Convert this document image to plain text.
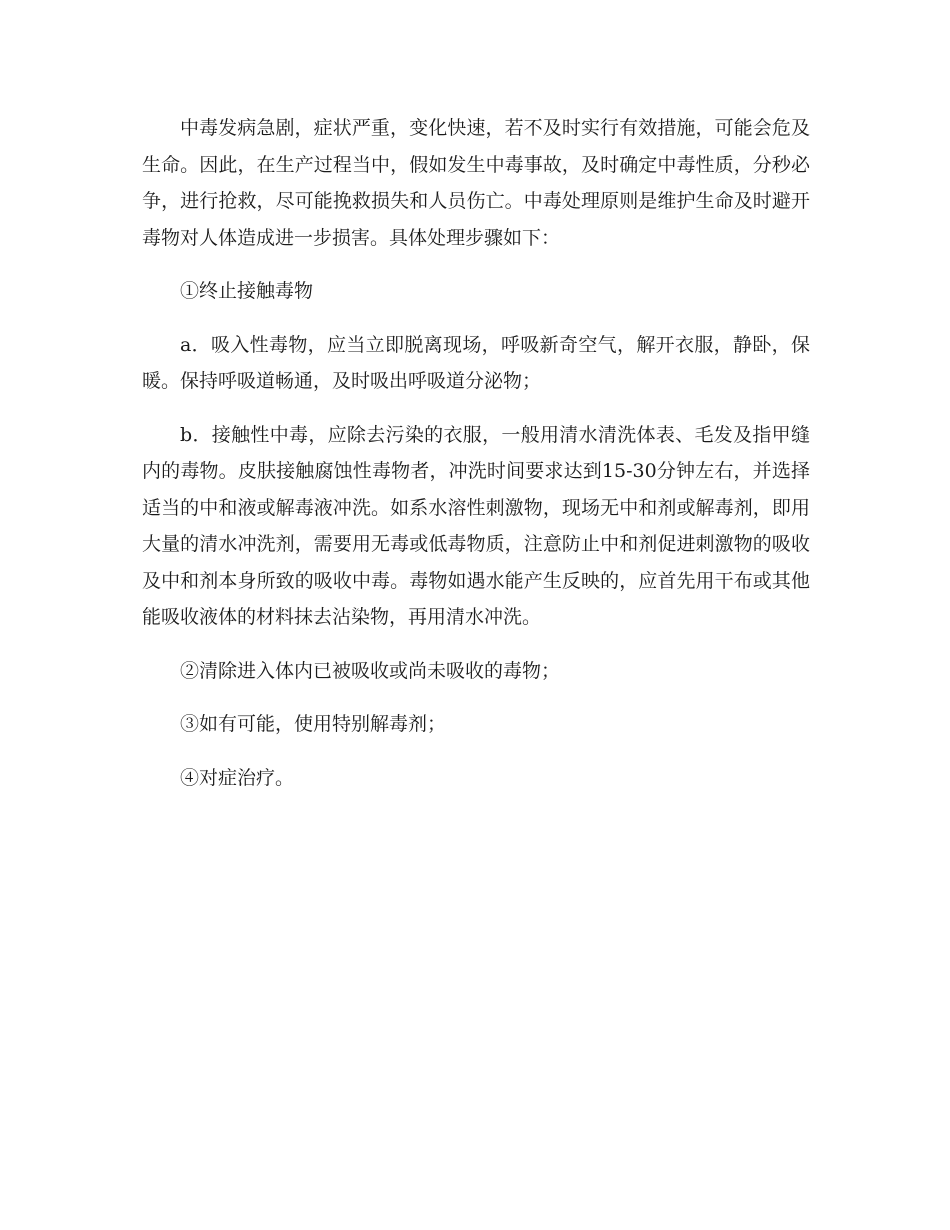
中毒发病急剧，症状严重，变化快速，若不及时实行有效措施，可能会危及生命。因此，在生产过程当中，假如发生中毒事故，及时确定中毒性质，分秒必争，进行抢救，尽可能挽救损失和人员伤亡。中毒处理原则是维护生命及时避开毒物对人体造成进一步损害。具体处理步骤如下：

①终止接触毒物

a．吸入性毒物，应当立即脱离现场，呼吸新奇空气，解开衣服，静卧，保暖。保持呼吸道畅通，及时吸出呼吸道分泌物；

b．接触性中毒，应除去污染的衣服，一般用清水清洗体表、毛发及指甲缝内的毒物。皮肤接触腐蚀性毒物者，冲洗时间要求达到15-30分钟左右，并选择适当的中和液或解毒液冲洗。如系水溶性刺激物，现场无中和剂或解毒剂，即用大量的清水冲洗剂，需要用无毒或低毒物质，注意防止中和剂促进刺激物的吸收及中和剂本身所致的吸收中毒。毒物如遇水能产生反映的，应首先用干布或其他能吸收液体的材料抹去沾染物，再用清水冲洗。

②清除进入体内已被吸收或尚未吸收的毒物；

③如有可能，使用特别解毒剂；

④对症治疗。
